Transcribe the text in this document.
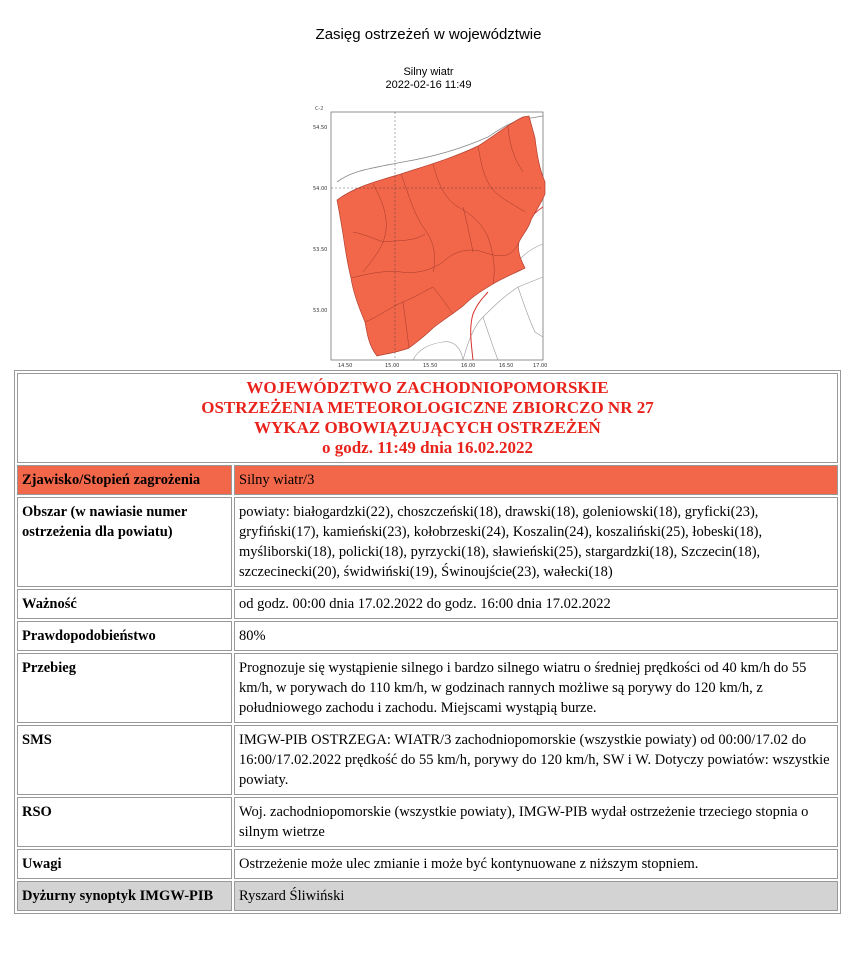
Zasięg ostrzeżeń w województwie
Silny wiatr
2022-02-16 11:49
C-2
54.50
54.00
53.50
53.00
14.50	15.00	15.50	16.00	16.50	17.00
WOJEWÓDZTWO ZACHODNIOPOMORSKIE
OSTRZEŻENIA METEOROLOGICZNE ZBIORCZO NR 27
WYKAZ OBOWIĄZUJĄCYCH OSTRZEŻEŃ
o godz. 11:49 dnia 16.02.2022	

Zjawisko/Stopień zagrożenia	Silny wiatr/3
Obszar (w nawiasie numer ostrzeżenia dla powiatu)	powiaty: białogardzki(22), choszczeński(18), drawski(18), goleniowski(18), gryficki(23), gryfiński(17), kamieński(23), kołobrzeski(24), Koszalin(24), koszaliński(25), łobeski(18), myśliborski(18), policki(18), pyrzycki(18), sławieński(25), stargardzki(18), Szczecin(18), szczecinecki(20), świdwiński(19), Świnoujście(23), wałecki(18)
Ważność	od godz. 00:00 dnia 17.02.2022 do godz. 16:00 dnia 17.02.2022
Prawdopodobieństwo	80%
Przebieg	Prognozuje się wystąpienie silnego i bardzo silnego wiatru o średniej prędkości od 40 km/h do 55 km/h, w porywach do 110 km/h, w godzinach rannych możliwe są porywy do 120 km/h, z południowego zachodu i zachodu. Miejscami wystąpią burze.
SMS	IMGW-PIB OSTRZEGA: WIATR/3 zachodniopomorskie (wszystkie powiaty) od 00:00/17.02 do 16:00/17.02.2022 prędkość do 55 km/h, porywy do 120 km/h, SW i W. Dotyczy powiatów: wszystkie powiaty.
RSO	Woj. zachodniopomorskie (wszystkie powiaty), IMGW-PIB wydał ostrzeżenie trzeciego stopnia o silnym wietrze
Uwagi	Ostrzeżenie może ulec zmianie i może być kontynuowane z niższym stopniem.
Dyżurny synoptyk IMGW-PIB	Ryszard Śliwiński
